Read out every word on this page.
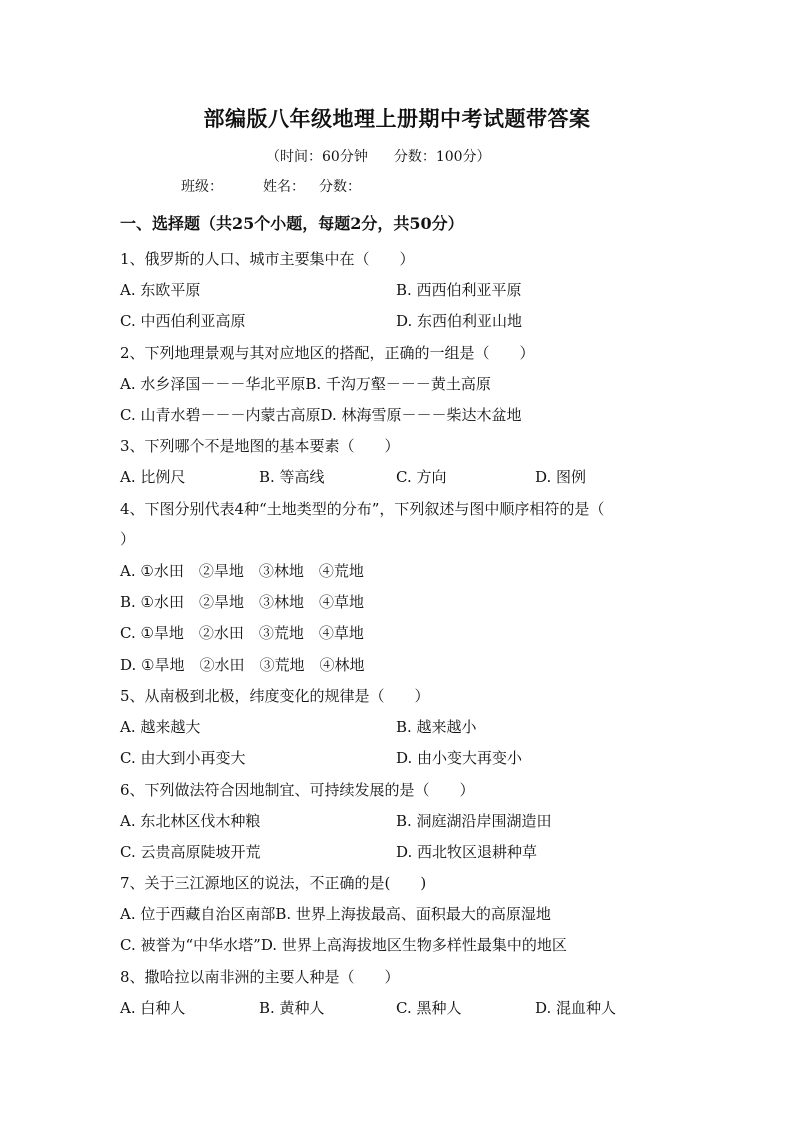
部编版八年级地理上册期中考试题带答案
（时间：60分钟 分数：100分）
班级：	姓名： 分数：
一、选择题（共25个小题，每题2分，共50分）
1、俄罗斯的人口、城市主要集中在（　　）
A. 东欧平原	B. 西西伯利亚平原
C. 中西伯利亚高原	D. 东西伯利亚山地
2、下列地理景观与其对应地区的搭配，正确的一组是（　　）
A. 水乡泽国－－－华北平原B. 千沟万壑－－－黄土高原
C. 山青水碧－－－内蒙古高原D. 林海雪原－－－柴达木盆地
3、下列哪个不是地图的基本要素（　　）
A. 比例尺	B. 等高线	C. 方向	D. 图例
4、下图分别代表4种“土地类型的分布”，下列叙述与图中顺序相符的是（
）
A. ①水田　②旱地　③林地　④荒地
B. ①水田　②旱地　③林地　④草地
C. ①旱地　②水田　③荒地　④草地
D. ①旱地　②水田　③荒地　④林地
5、从南极到北极，纬度变化的规律是（　　）
A. 越来越大	B. 越来越小
C. 由大到小再变大	D. 由小变大再变小
6、下列做法符合因地制宜、可持续发展的是（　　）
A. 东北林区伐木种粮	B. 洞庭湖沿岸围湖造田
C. 云贵高原陡坡开荒	D. 西北牧区退耕种草
7、关于三江源地区的说法，不正确的是(　　)
A. 位于西藏自治区南部B. 世界上海拔最高、面积最大的高原湿地
C. 被誉为“中华水塔”D. 世界上高海拔地区生物多样性最集中的地区
8、撒哈拉以南非洲的主要人种是（　　）
A. 白种人	B. 黄种人	C. 黑种人	D. 混血种人
